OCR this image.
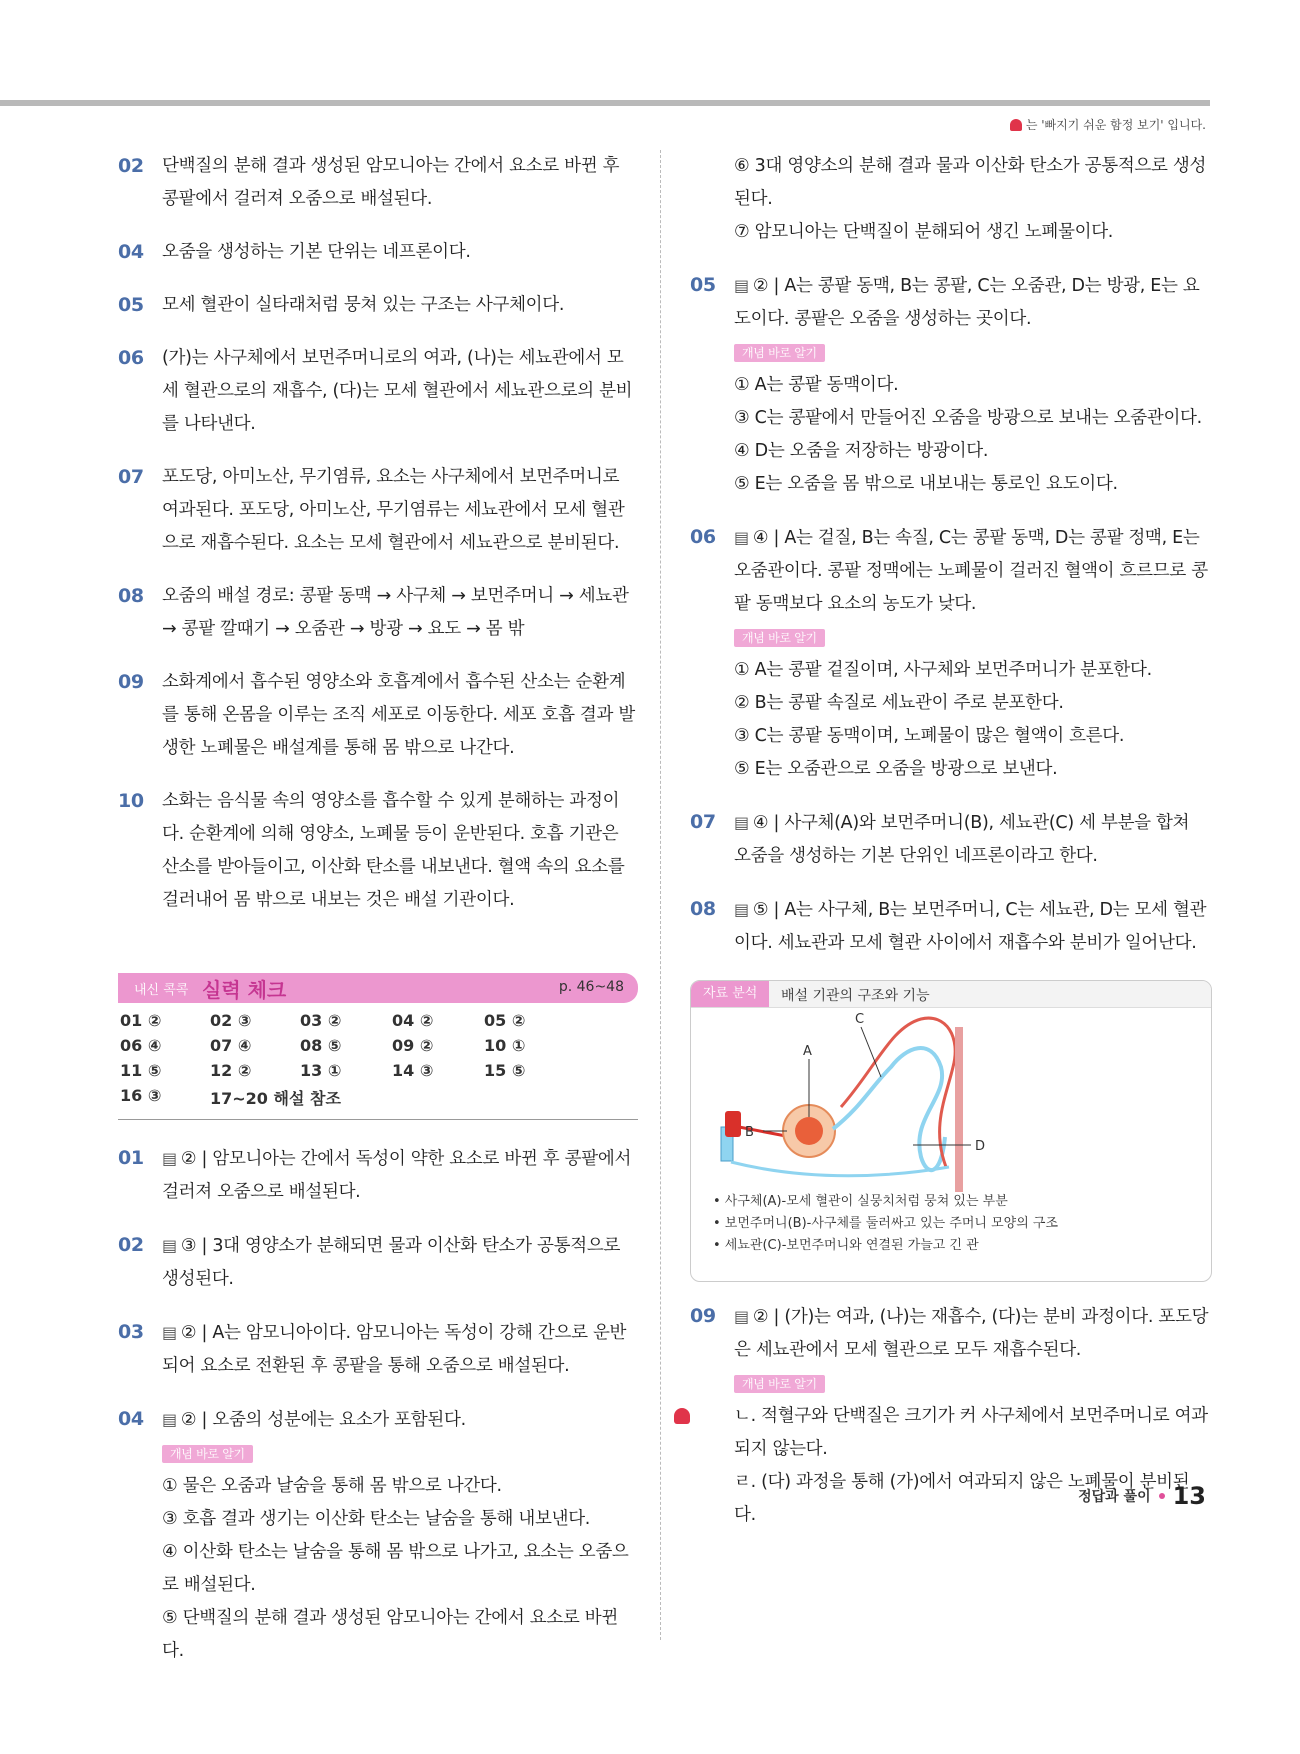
는 '빠지기 쉬운 함정 보기' 입니다.
02 단백질의 분해 결과 생성된 암모니아는 간에서 요소로 바뀐 후 콩팥에서 걸러져 오줌으로 배설된다.
04 오줌을 생성하는 기본 단위는 네프론이다.
05 모세 혈관이 실타래처럼 뭉쳐 있는 구조는 사구체이다.
06 (가)는 사구체에서 보먼주머니로의 여과, (나)는 세뇨관에서 모세 혈관으로의 재흡수, (다)는 모세 혈관에서 세뇨관으로의 분비를 나타낸다.
07 포도당, 아미노산, 무기염류, 요소는 사구체에서 보먼주머니로 여과된다. 포도당, 아미노산, 무기염류는 세뇨관에서 모세 혈관으로 재흡수된다. 요소는 모세 혈관에서 세뇨관으로 분비된다.
08 오줌의 배설 경로: 콩팥 동맥 → 사구체 → 보먼주머니 → 세뇨관 → 콩팥 깔때기 → 오줌관 → 방광 → 요도 → 몸 밖
09 소화계에서 흡수된 영양소와 호흡계에서 흡수된 산소는 순환계를 통해 온몸을 이루는 조직 세포로 이동한다. 세포 호흡 결과 발생한 노폐물은 배설계를 통해 몸 밖으로 나간다.
10 소화는 음식물 속의 영양소를 흡수할 수 있게 분해하는 과정이다. 순환계에 의해 영양소, 노폐물 등이 운반된다. 호흡 기관은 산소를 받아들이고, 이산화 탄소를 내보낸다. 혈액 속의 요소를 걸러내어 몸 밖으로 내보는 것은 배설 기관이다.
내신 콕콕 실력 체크	p. 46~48
01 ②	02 ③	03 ②	04 ②	05 ②
06 ④	07 ④	08 ⑤	09 ②	10 ①
11 ⑤	12 ②	13 ①	14 ③	15 ⑤
16 ③	17~20 해설 참조
01 ▤ ② | 암모니아는 간에서 독성이 약한 요소로 바뀐 후 콩팥에서 걸러져 오줌으로 배설된다.
02 ▤ ③ | 3대 영양소가 분해되면 물과 이산화 탄소가 공통적으로 생성된다.
03 ▤ ② | A는 암모니아이다. 암모니아는 독성이 강해 간으로 운반되어 요소로 전환된 후 콩팥을 통해 오줌으로 배설된다.
04 ▤ ② | 오줌의 성분에는 요소가 포함된다.
개념 바로 알기
① 물은 오줌과 날숨을 통해 몸 밖으로 나간다.
③ 호흡 결과 생기는 이산화 탄소는 날숨을 통해 내보낸다.
④ 이산화 탄소는 날숨을 통해 몸 밖으로 나가고, 요소는 오줌으로 배설된다.
⑤ 단백질의 분해 결과 생성된 암모니아는 간에서 요소로 바뀐다.
⑥ 3대 영양소의 분해 결과 물과 이산화 탄소가 공통적으로 생성된다.
⑦ 암모니아는 단백질이 분해되어 생긴 노폐물이다.
05 ▤ ② | A는 콩팥 동맥, B는 콩팥, C는 오줌관, D는 방광, E는 요도이다. 콩팥은 오줌을 생성하는 곳이다.
개념 바로 알기
① A는 콩팥 동맥이다.
③ C는 콩팥에서 만들어진 오줌을 방광으로 보내는 오줌관이다.
④ D는 오줌을 저장하는 방광이다.
⑤ E는 오줌을 몸 밖으로 내보내는 통로인 요도이다.
06 ▤ ④ | A는 겉질, B는 속질, C는 콩팥 동맥, D는 콩팥 정맥, E는 오줌관이다. 콩팥 정맥에는 노폐물이 걸러진 혈액이 흐르므로 콩팥 동맥보다 요소의 농도가 낮다.
개념 바로 알기
① A는 콩팥 겉질이며, 사구체와 보먼주머니가 분포한다.
② B는 콩팥 속질로 세뇨관이 주로 분포한다.
③ C는 콩팥 동맥이며, 노폐물이 많은 혈액이 흐른다.
⑤ E는 오줌관으로 오줌을 방광으로 보낸다.
07 ▤ ④ | 사구체(A)와 보먼주머니(B), 세뇨관(C) 세 부분을 합쳐 오줌을 생성하는 기본 단위인 네프론이라고 한다.
08 ▤ ⑤ | A는 사구체, B는 보먼주머니, C는 세뇨관, D는 모세 혈관이다. 세뇨관과 모세 혈관 사이에서 재흡수와 분비가 일어난다.
자료 분석	배설 기관의 구조와 기능
A
B
C
D
• 사구체(A)-모세 혈관이 실뭉치처럼 뭉쳐 있는 부분
• 보먼주머니(B)-사구체를 둘러싸고 있는 주머니 모양의 구조
• 세뇨관(C)-보먼주머니와 연결된 가늘고 긴 관
09 ▤ ② | (가)는 여과, (나)는 재흡수, (다)는 분비 과정이다. 포도당은 세뇨관에서 모세 혈관으로 모두 재흡수된다.
개념 바로 알기
ㄴ. 적혈구와 단백질은 크기가 커 사구체에서 보먼주머니로 여과되지 않는다.
ㄹ. (다) 과정을 통해 (가)에서 여과되지 않은 노폐물이 분비된다.
정답과 풀이 13
